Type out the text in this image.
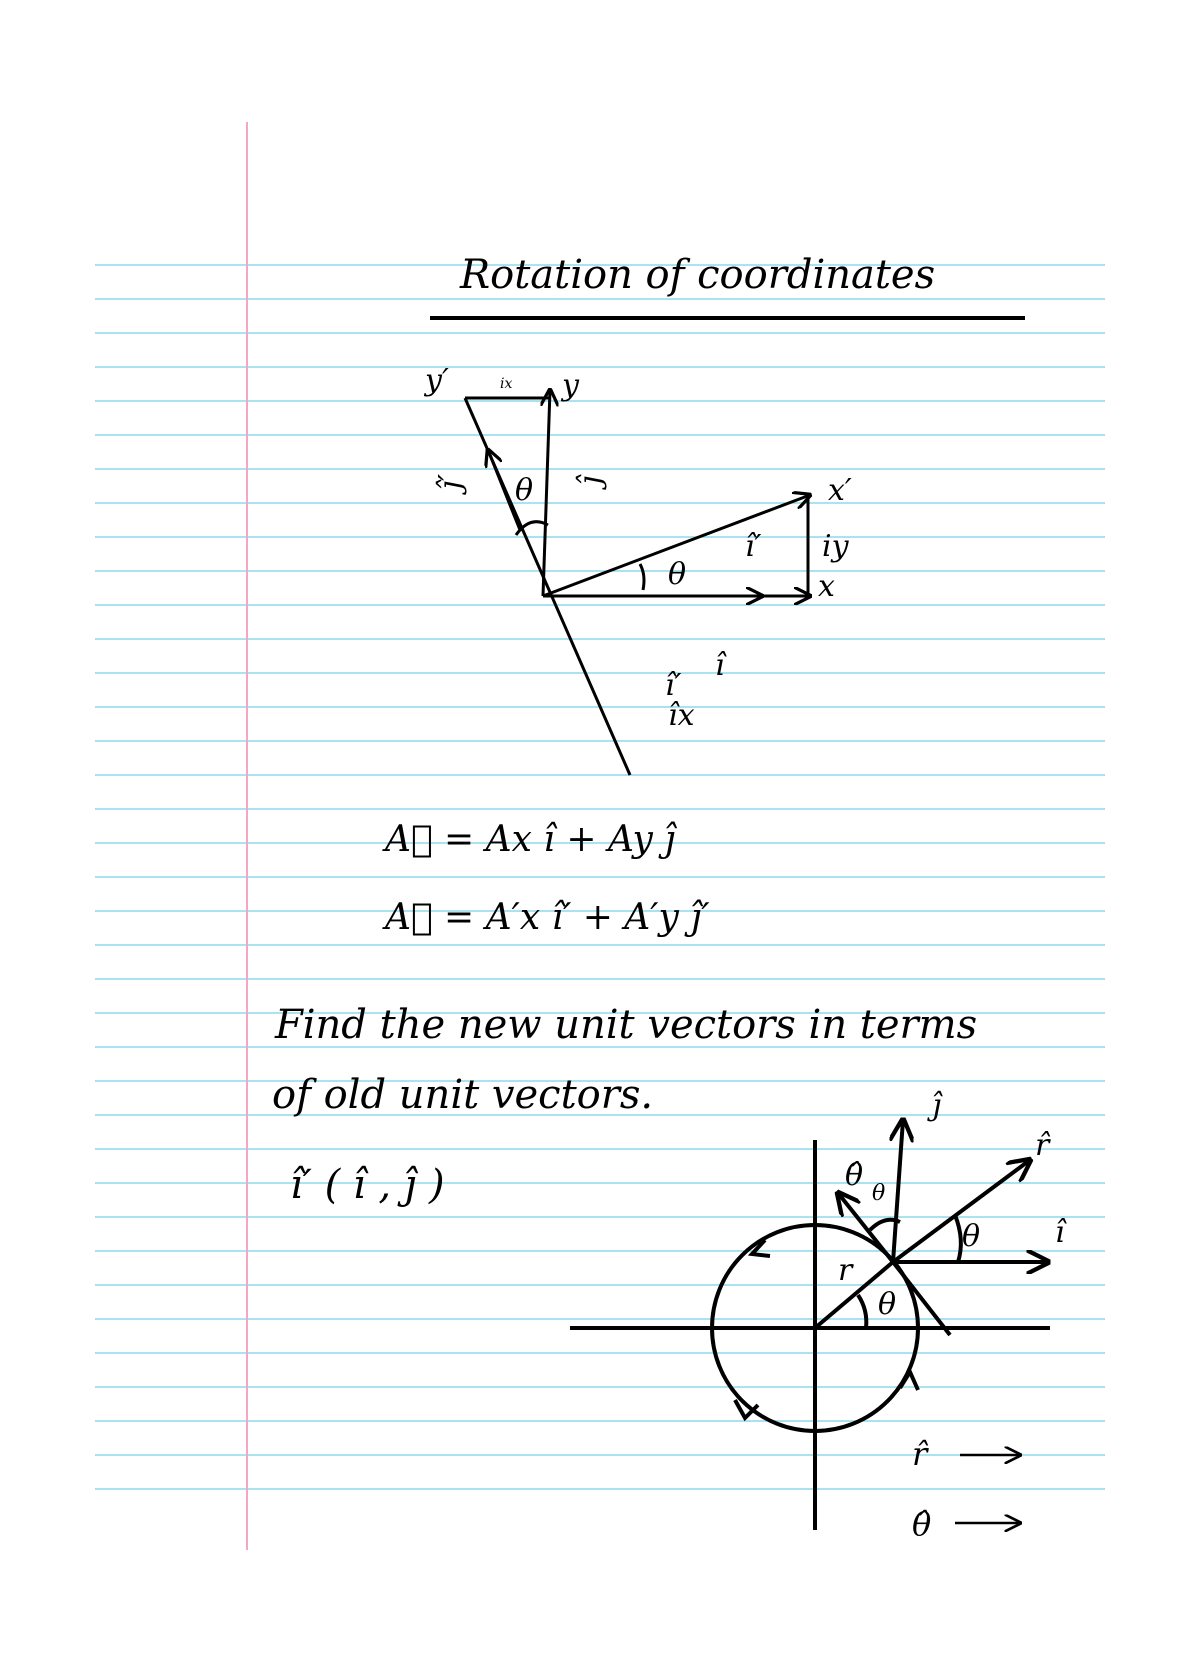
Rotation of coordinates
y′	y
x′
x
θ
θ
ĵ
ĵ′
î′ iy
î
î′
îx
ix
A⃗ = Ax î + Ay ĵ
A⃗ = A′x î′ + A′y ĵ′
Find the new unit vectors in terms
of old unit vectors.
î′ ( î , ĵ )
ĵ
r̂
î
θ̂
θ
θ
θ
r
r̂
θ̂
